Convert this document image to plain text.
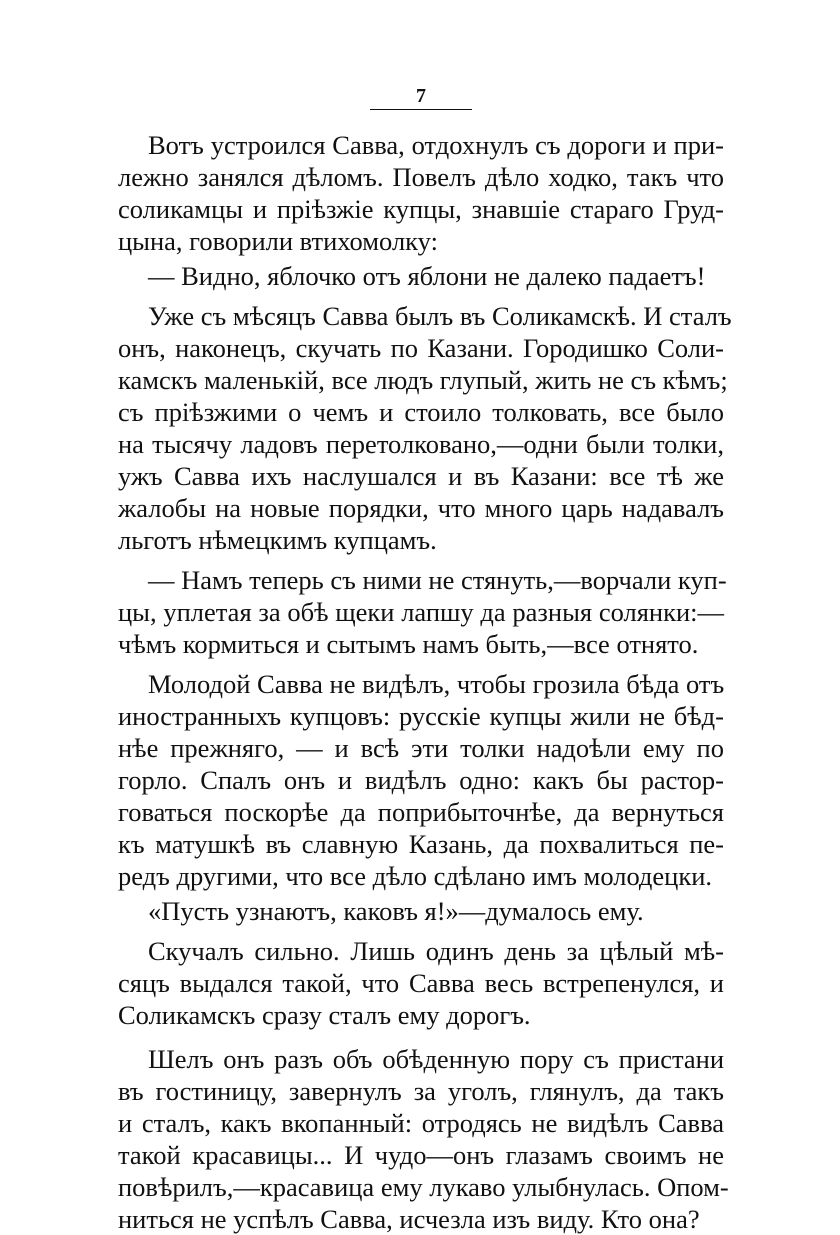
7
Вотъ устроился Савва, отдохнулъ съ дороги и при-
лежно занялся дѣломъ. Повелъ дѣло ходко, такъ что
соликамцы и пріѣзжіе купцы, знавшіе стараго Груд-
цына, говорили втихомолку:
— Видно, яблочко отъ яблони не далеко падаетъ!
Уже съ мѣсяцъ Савва былъ въ Соликамскѣ. И сталъ
онъ, наконецъ, скучать по Казани. Городишко Соли-
камскъ маленькій, все людъ глупый, жить не съ кѣмъ;
съ пріѣзжими о чемъ и стоило толковать, все было
на тысячу ладовъ перетолковано,—одни были толки,
ужъ Савва ихъ наслушался и въ Казани: все тѣ же
жалобы на новые порядки, что много царь надавалъ
льготъ нѣмецкимъ купцамъ.
— Намъ теперь съ ними не стянуть,—ворчали куп-
цы, уплетая за обѣ щеки лапшу да разныя солянки:—
чѣмъ кормиться и сытымъ намъ быть,—все отнято.
Молодой Савва не видѣлъ, чтобы грозила бѣда отъ
иностранныхъ купцовъ: русскіе купцы жили не бѣд-
нѣе прежняго, — и всѣ эти толки надоѣли ему по
горло. Спалъ онъ и видѣлъ одно: какъ бы растор-
говаться поскорѣе да поприбыточнѣе, да вернуться
къ матушкѣ въ славную Казань, да похвалиться пе-
редъ другими, что все дѣло сдѣлано имъ молодецки.
«Пусть узнаютъ, каковъ я!»—думалось ему.
Скучалъ сильно. Лишь одинъ день за цѣлый мѣ-
сяцъ выдался такой, что Савва весь встрепенулся, и
Соликамскъ сразу сталъ ему дорогъ.
Шелъ онъ разъ объ обѣденную пору съ пристани
въ гостиницу, завернулъ за уголъ, глянулъ, да такъ
и сталъ, какъ вкопанный: отродясь не видѣлъ Савва
такой красавицы... И чудо—онъ глазамъ своимъ не
повѣрилъ,—красавица ему лукаво улыбнулась. Опом-
ниться не успѣлъ Савва, исчезла изъ виду. Кто она?
